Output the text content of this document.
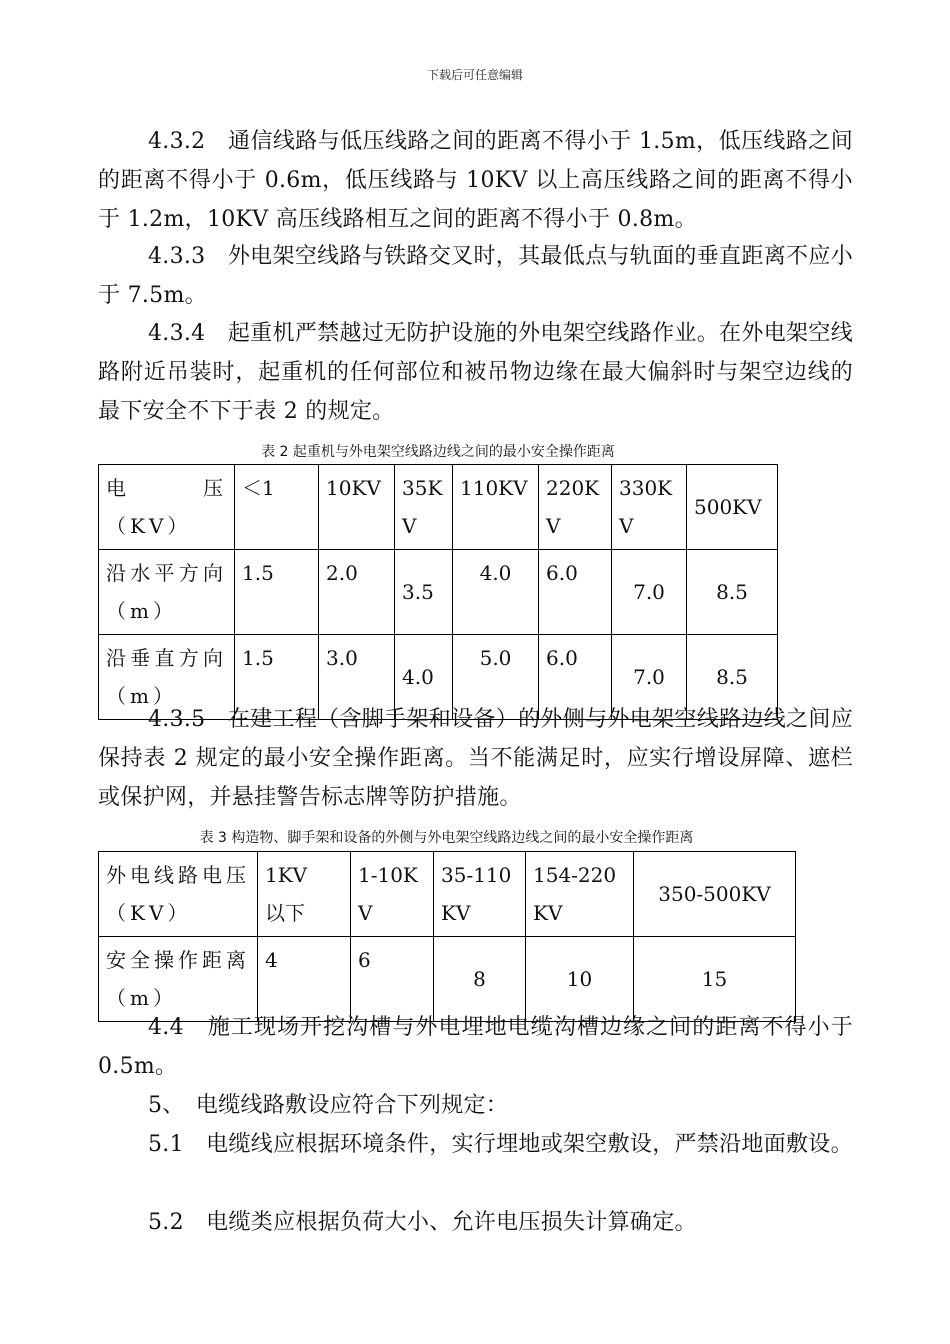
下载后可任意编辑
4.3.2　通信线路与低压线路之间的距离不得小于 1.5m，低压线路之间的距离不得小于 0.6m，低压线路与 10KV 以上高压线路之间的距离不得小于 1.2m，10KV 高压线路相互之间的距离不得小于 0.8m。
4.3.3　外电架空线路与铁路交叉时，其最低点与轨面的垂直距离不应小于 7.5m。
4.3.4　起重机严禁越过无防护设施的外电架空线路作业。在外电架空线路附近吊装时，起重机的任何部位和被吊物边缘在最大偏斜时与架空边线的最下安全不下于表 2 的规定。
表 2 起重机与外电架空线路边线之间的最小安全操作距离
电　　压（KV）	＜1	10KV	35KV	110KV	220KV	330KV	500KV
沿水平方向（m）	1.5	2.0	3.5	4.0	6.0	7.0	8.5
沿垂直方向（m）	1.5	3.0	4.0	5.0	6.0	7.0	8.5
4.3.5　在建工程（含脚手架和设备）的外侧与外电架空线路边线之间应保持表 2 规定的最小安全操作距离。当不能满足时，应实行增设屏障、遮栏或保护网，并悬挂警告标志牌等防护措施。
表 3 构造物、脚手架和设备的外侧与外电架空线路边线之间的最小安全操作距离
外电线路电压（KV）	1KV　以下	1-10KV	35-110KV	154-220KV	350-500KV
安全操作距离（m）	4	6	8	10	15
4.4　施工现场开挖沟槽与外电埋地电缆沟槽边缘之间的距离不得小于 0.5m。
5、　电缆线路敷设应符合下列规定：
5.1　电缆线应根据环境条件，实行埋地或架空敷设，严禁沿地面敷设。
5.2　电缆类应根据负荷大小、允许电压损失计算确定。
